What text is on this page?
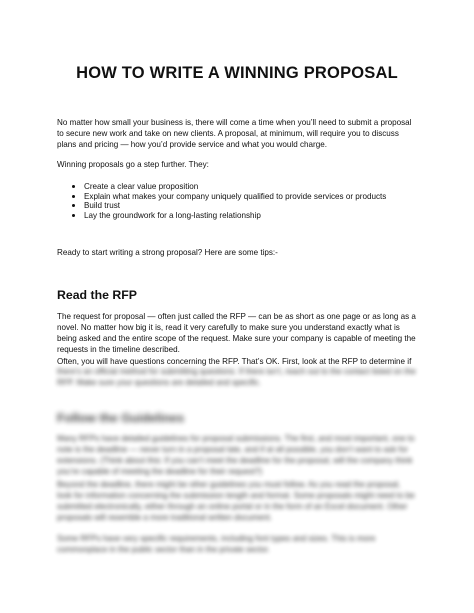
HOW TO WRITE A WINNING PROPOSAL

No matter how small your business is, there will come a time when you’ll need to submit a proposal
to secure new work and take on new clients. A proposal, at minimum, will require you to discuss
plans and pricing — how you’d provide service and what you would charge.

Winning proposals go a step further. They:

Create a clear value proposition
Explain what makes your company uniquely qualified to provide services or products
Build trust
Lay the groundwork for a long-lasting relationship

Ready to start writing a strong proposal? Here are some tips:-

Read the RFP

The request for proposal — often just called the RFP — can be as short as one page or as long as a
novel. No matter how big it is, read it very carefully to make sure you understand exactly what is
being asked and the entire scope of the request. Make sure your company is capable of meeting the
requests in the timeline described.

Often, you will have questions concerning the RFP. That’s OK. First, look at the RFP to determine if

there’s an official method for submitting questions. If there isn’t, reach out to the contact listed on the
RFP. Make sure your questions are detailed and specific.

Follow the Guidelines

Many RFPs have detailed guidelines for proposal submissions. The first, and most important, one to
note is the deadline — never turn in a proposal late, and if at all possible, you don’t want to ask for
extensions. (Think about this: If you can’t meet the deadline for the proposal, will the company think
you’re capable of meeting the deadline for their request?)

Beyond the deadline, there might be other guidelines you must follow. As you read the proposal,
look for information concerning the submission length and format. Some proposals might need to be
submitted electronically, either through an online portal or in the form of an Excel document. Other
proposals will resemble a more traditional written document.

Some RFPs have very specific requirements, including font types and sizes. This is more
commonplace in the public sector than in the private sector.
